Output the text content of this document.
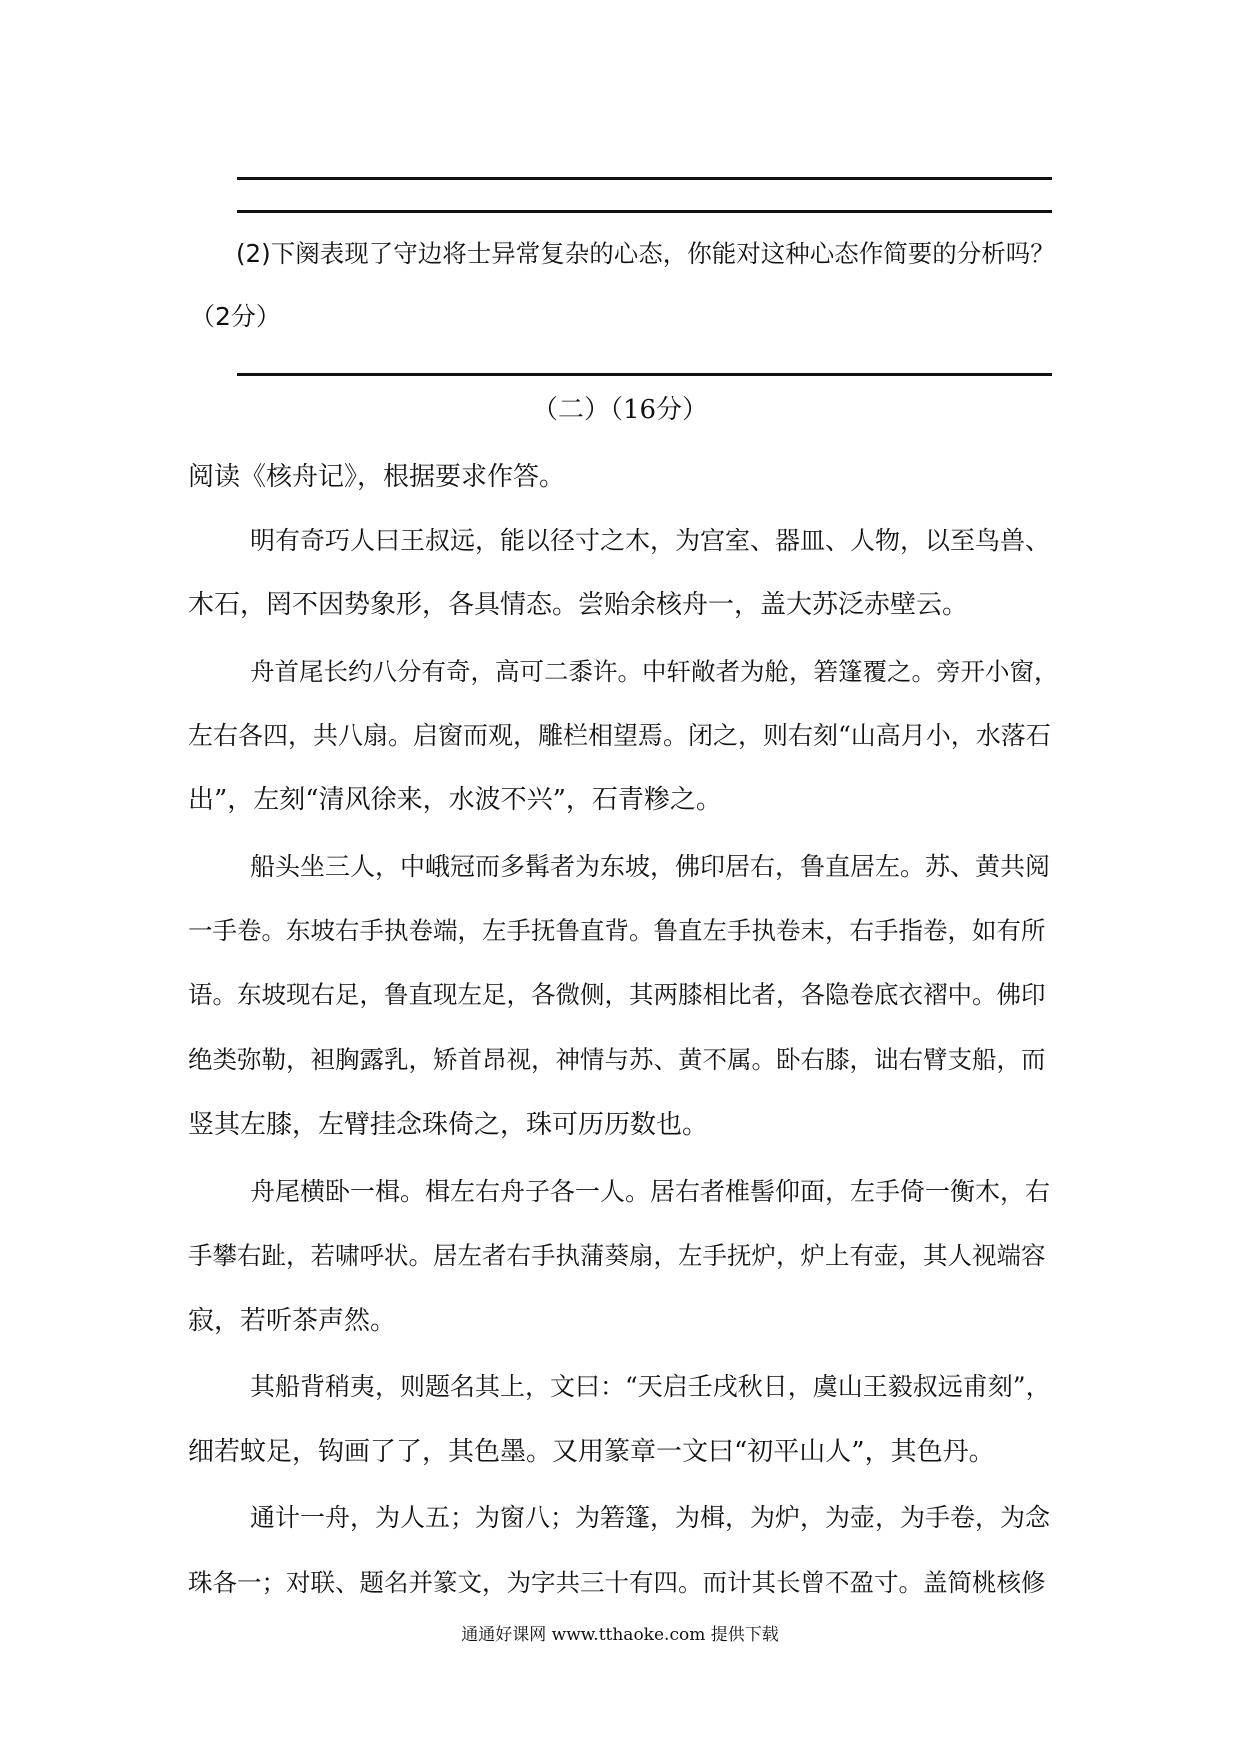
(2)下阕表现了守边将士异常复杂的心态，你能对这种心态作简要的分析吗？
（2分）
（二）（16分）
阅读《核舟记》，根据要求作答。
明有奇巧人曰王叔远，能以径寸之木，为宫室、器皿、人物，以至鸟兽、
木石，罔不因势象形，各具情态。尝贻余核舟一，盖大苏泛赤壁云。
舟首尾长约八分有奇，高可二黍许。中轩敞者为舱，箬篷覆之。旁开小窗，
左右各四，共八扇。启窗而观，雕栏相望焉。闭之，则右刻“山高月小，水落石
出”，左刻“清风徐来，水波不兴”，石青糁之。
船头坐三人，中峨冠而多髯者为东坡，佛印居右，鲁直居左。苏、黄共阅
一手卷。东坡右手执卷端，左手抚鲁直背。鲁直左手执卷末，右手指卷，如有所
语。东坡现右足，鲁直现左足，各微侧，其两膝相比者，各隐卷底衣褶中。佛印
绝类弥勒，袒胸露乳，矫首昂视，神情与苏、黄不属。卧右膝，诎右臂支船，而
竖其左膝，左臂挂念珠倚之，珠可历历数也。
舟尾横卧一楫。楫左右舟子各一人。居右者椎髻仰面，左手倚一衡木，右
手攀右趾，若啸呼状。居左者右手执蒲葵扇，左手抚炉，炉上有壶，其人视端容
寂，若听茶声然。
其船背稍夷，则题名其上，文曰：“天启壬戌秋日，虞山王毅叔远甫刻”，
细若蚊足，钩画了了，其色墨。又用篆章一文曰“初平山人”，其色丹。
通计一舟，为人五；为窗八；为箬篷，为楫，为炉，为壶，为手卷，为念
珠各一；对联、题名并篆文，为字共三十有四。而计其长曾不盈寸。盖简桃核修
通通好课网 www.tthaoke.com 提供下载
